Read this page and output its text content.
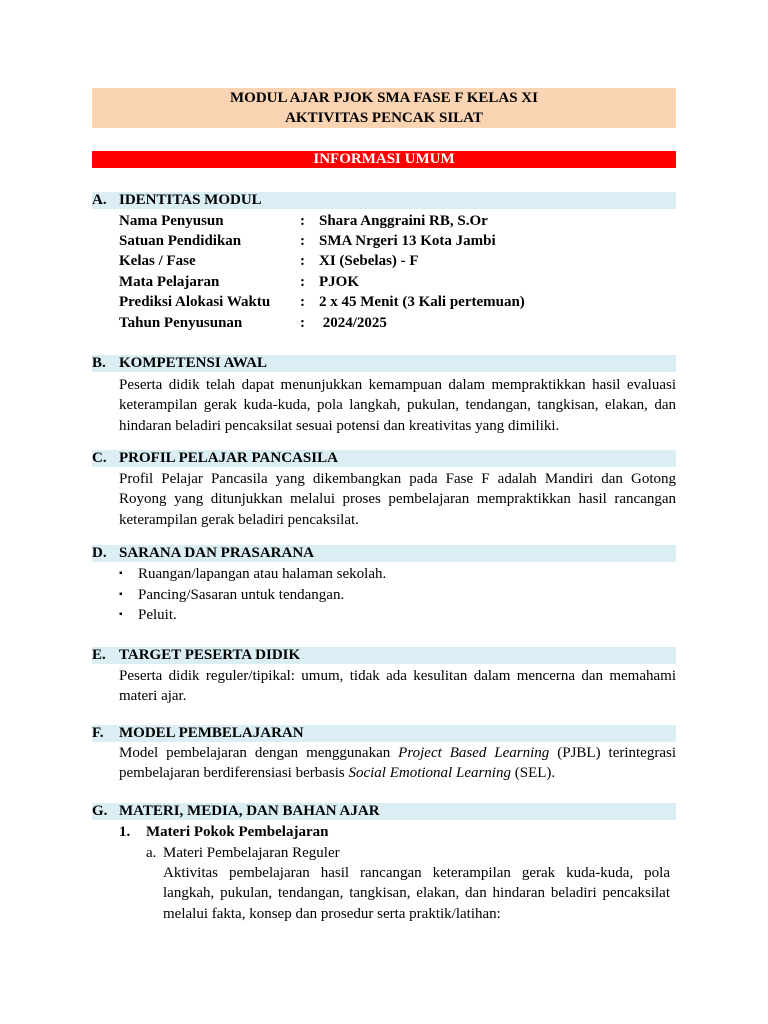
MODUL AJAR PJOK SMA FASE F KELAS XI
AKTIVITAS PENCAK SILAT
INFORMASI UMUM
A. IDENTITAS MODUL
Nama Penyusun	: Shara Anggraini RB, S.Or
Satuan Pendidikan	: SMA Nrgeri 13 Kota Jambi
Kelas / Fase	: XI (Sebelas) - F
Mata Pelajaran	: PJOK
Prediksi Alokasi Waktu : 2 x 45 Menit (3 Kali pertemuan)
Tahun Penyusunan	: 2024/2025
B. KOMPETENSI AWAL
Peserta didik telah dapat menunjukkan kemampuan dalam mempraktikkan hasil evaluasi
keterampilan gerak kuda-kuda, pola langkah, pukulan, tendangan, tangkisan, elakan, dan
hindaran beladiri pencaksilat sesuai potensi dan kreativitas yang dimiliki.
C. PROFIL PELAJAR PANCASILA
Profil Pelajar Pancasila yang dikembangkan pada Fase F adalah Mandiri dan Gotong
Royong yang ditunjukkan melalui proses pembelajaran mempraktikkan hasil rancangan
keterampilan gerak beladiri pencaksilat.
D. SARANA DAN PRASARANA
▪ Ruangan/lapangan atau halaman sekolah.
▪ Pancing/Sasaran untuk tendangan.
▪ Peluit.
E. TARGET PESERTA DIDIK
Peserta didik reguler/tipikal: umum, tidak ada kesulitan dalam mencerna dan memahami
materi ajar.
F. MODEL PEMBELAJARAN
Model pembelajaran dengan menggunakan Project Based Learning (PJBL) terintegrasi
pembelajaran berdiferensiasi berbasis Social Emotional Learning (SEL).
G. MATERI, MEDIA, DAN BAHAN AJAR
1. Materi Pokok Pembelajaran
a. Materi Pembelajaran Reguler
Aktivitas pembelajaran hasil rancangan keterampilan gerak kuda-kuda, pola
langkah, pukulan, tendangan, tangkisan, elakan, dan hindaran beladiri pencaksilat
melalui fakta, konsep dan prosedur serta praktik/latihan:
